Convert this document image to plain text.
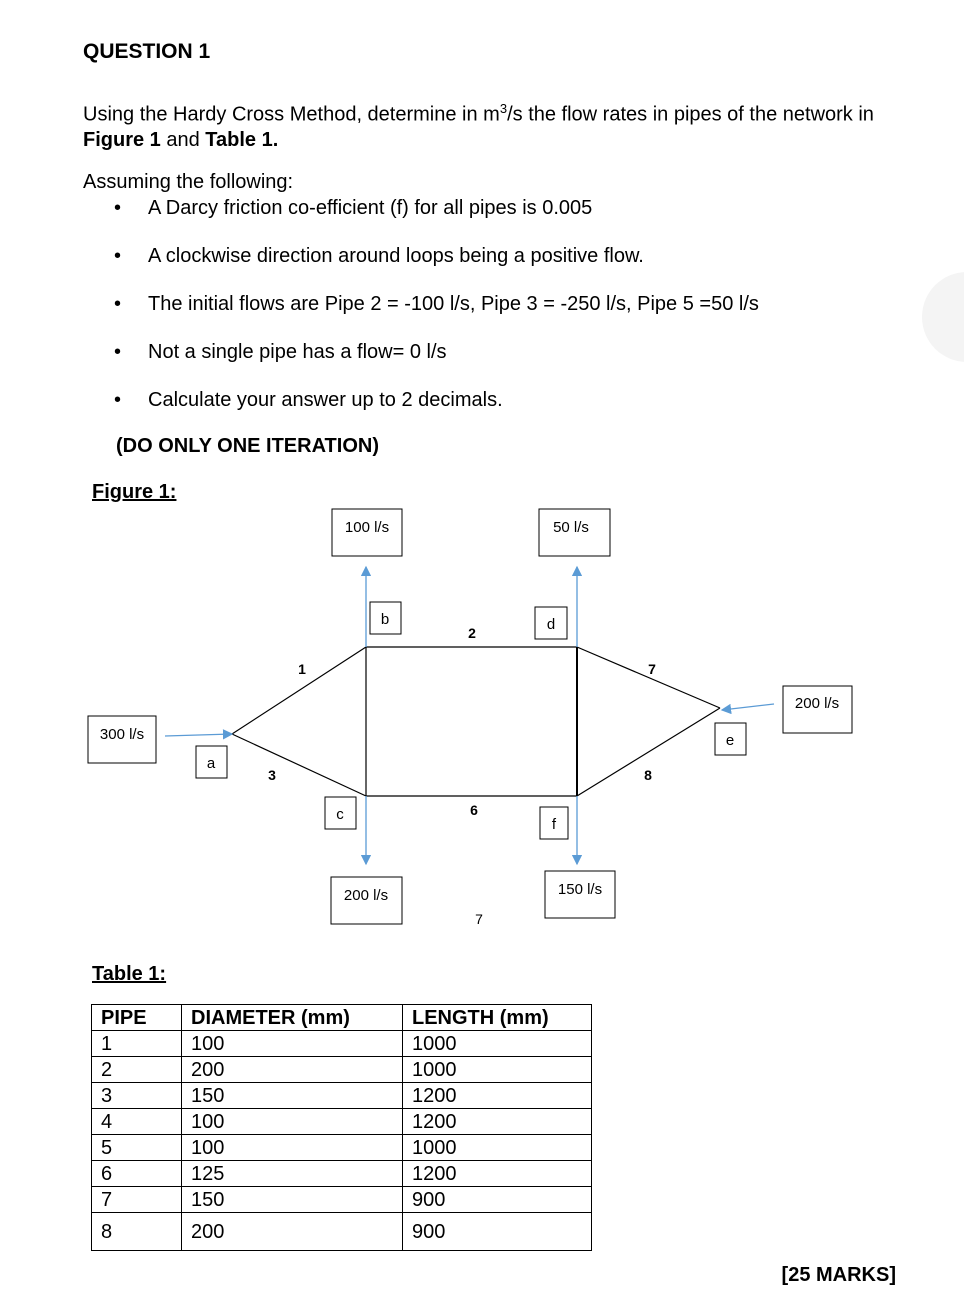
QUESTION 1
Using the Hardy Cross Method, determine in $m^3/s$ the flow rates in pipes of the network in Figure 1 and Table 1.
Assuming the following:
• A Darcy friction co-efficient (f) for all pipes is 0.005
• A clockwise direction around loops being a positive flow.
• The initial flows are Pipe 2 = -100 l/s, Pipe 3 = -250 l/s, Pipe 5 =50 l/s
• Not a single pipe has a flow= 0 l/s
• Calculate your answer up to 2 decimals.
(DO ONLY ONE ITERATION)
Figure 1:
300 l/s
100 l/s	50 l/s
200 l/s
200 l/s	150 l/s
a
b	d
e
c
f
1
2
3
6
7
8
7
Table 1:
PIPE	DIAMETER (mm)	LENGTH (mm)
1	100	1000
2	200	1000
3	150	1200
4	100	1200
5	100	1000
6	125	1200
7	150	900
8	200	900
[25 MARKS]
